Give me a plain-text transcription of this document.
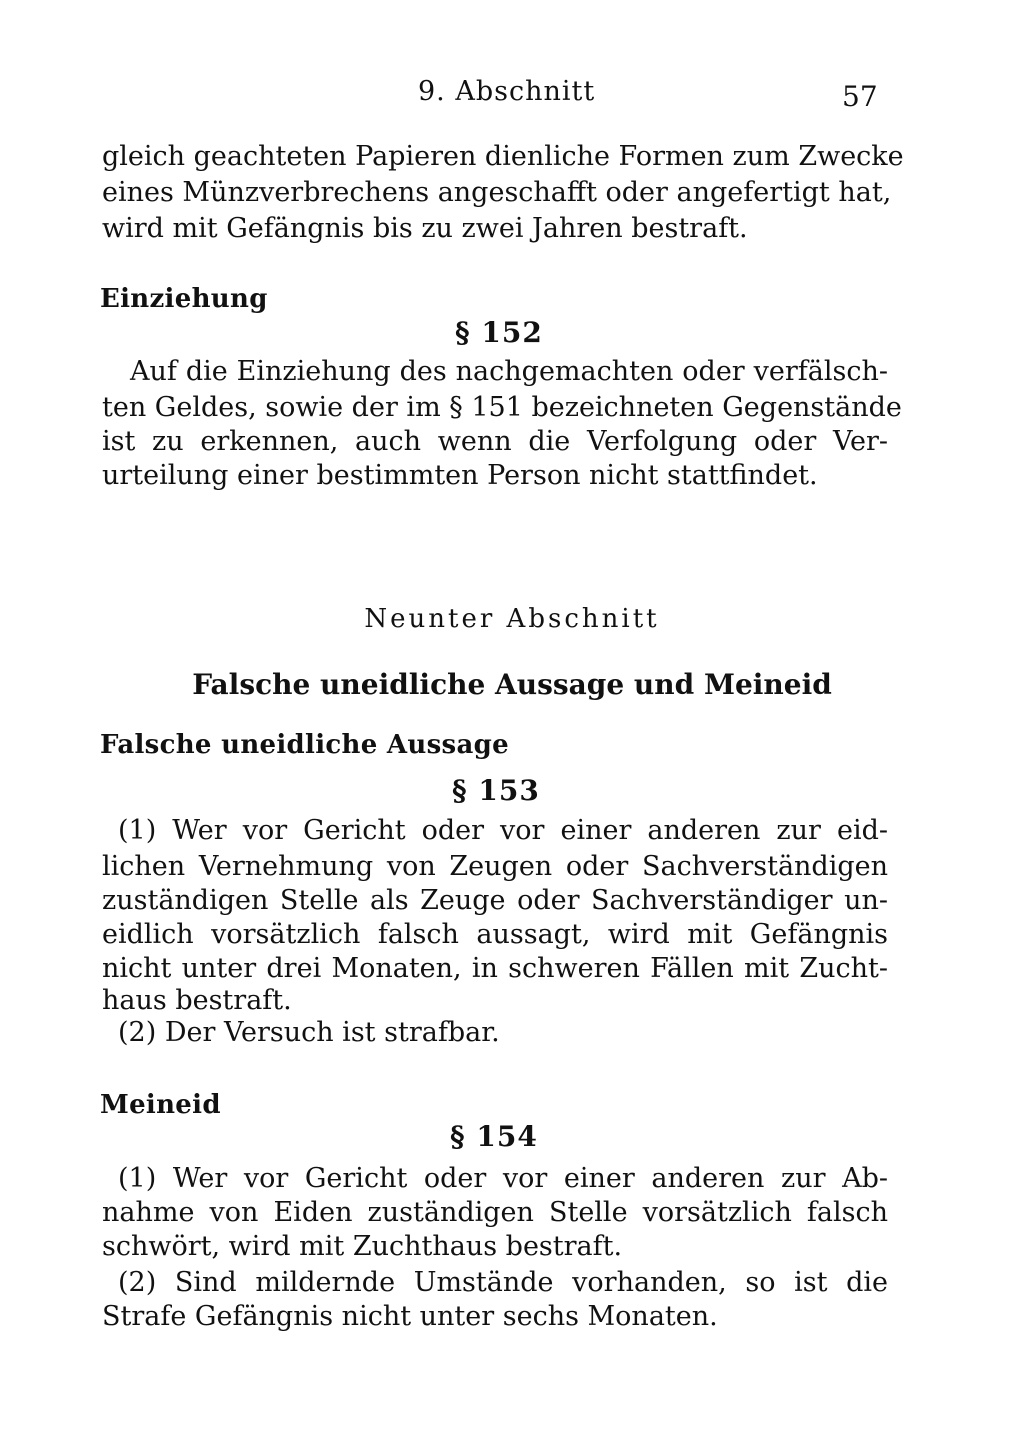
9. Abschnitt	57
gleich geachteten Papieren dienliche Formen zum Zwecke
eines Münzverbrechens angeschafft oder angefertigt hat,
wird mit Gefängnis bis zu zwei Jahren bestraft.
Einziehung
§ 152
Auf die Einziehung des nachgemachten oder verfälsch-
ten Geldes, sowie der im § 151 bezeichneten Gegenstände
ist zu erkennen, auch wenn die Verfolgung oder Ver-
urteilung einer bestimmten Person nicht stattfindet.
Neunter Abschnitt
Falsche uneidliche Aussage und Meineid
Falsche uneidliche Aussage
§ 153
(1) Wer vor Gericht oder vor einer anderen zur eid-
lichen Vernehmung von Zeugen oder Sachverständigen
zuständigen Stelle als Zeuge oder Sachverständiger un-
eidlich vorsätzlich falsch aussagt, wird mit Gefängnis
nicht unter drei Monaten, in schweren Fällen mit Zucht-
haus bestraft.
(2) Der Versuch ist strafbar.
Meineid
§ 154
(1) Wer vor Gericht oder vor einer anderen zur Ab-
nahme von Eiden zuständigen Stelle vorsätzlich falsch
schwört, wird mit Zuchthaus bestraft.
(2) Sind mildernde Umstände vorhanden, so ist die
Strafe Gefängnis nicht unter sechs Monaten.
